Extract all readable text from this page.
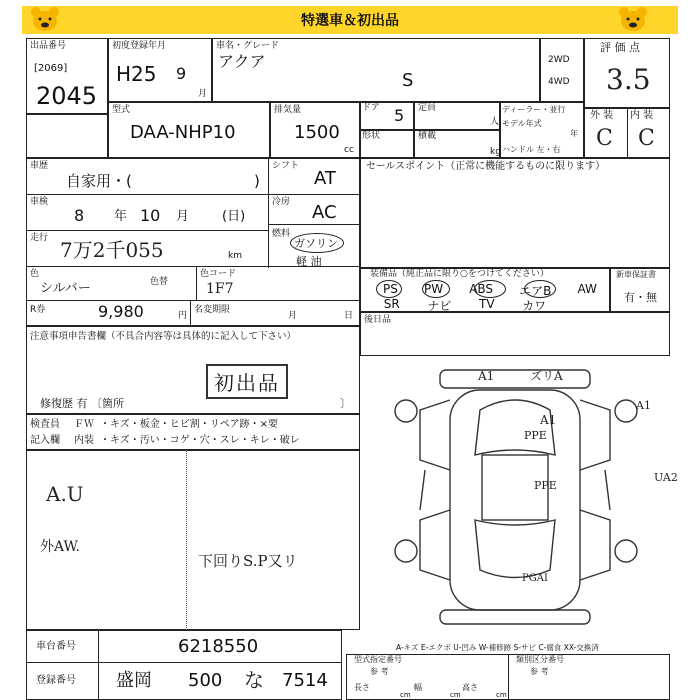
特選車＆初出品
出品番号
[2069]
2045
初度登録年月
H25 9
月
車名・グレード
アクア
S
2WD
4WD
評 価 点
3.5
型式
DAA-NHP10
排気量
1500
cc
ドア 5 定員
人
形状	積載
kg
ディーラー・並行
モデル年式
年
ハンドル 左・右
外 装 内 装
C C
車歴
自家用・(	)
シフト
AT
車検
8 年 10 月	(日)
冷房 AC
走行 7万2千055	km
燃料
ガソリン
軽 油
色
シルバー	色替
色コード
1F7
R券	9,980	円
名変期限
月	日
セールスポイント（正常に機能するものに限ります）
装備品（純正品に限り○をつけてください）
PS PW ABS エアB AW
SR ナビ TV カワ
新車保証書
有・無
後日品
注意事項申告書欄（不具合内容等は具体的に記入して下さい）
初出品
修復歴 有 〔箇所	〕
検査員
記入欄
ＦＷ ・キズ・板金・ヒビ割・リペア跡・×要
内装 ・キズ・汚い・コゲ・穴・スレ・キレ・破レ
A.U
外AW.
下回りS.P又リ
A1	ズリA
A1
A1
PPE
PPE
UA2
PGAI
A-キズ E-エクボ U-凹み W-補修跡 S-サビ C-腐食 XX-交換済
車台番号	6218550
登録番号 盛岡 500 な 7514
型式指定番号
参 考
類別区分番号
参 考
長さ	幅	高さ
cm	cm	cm
